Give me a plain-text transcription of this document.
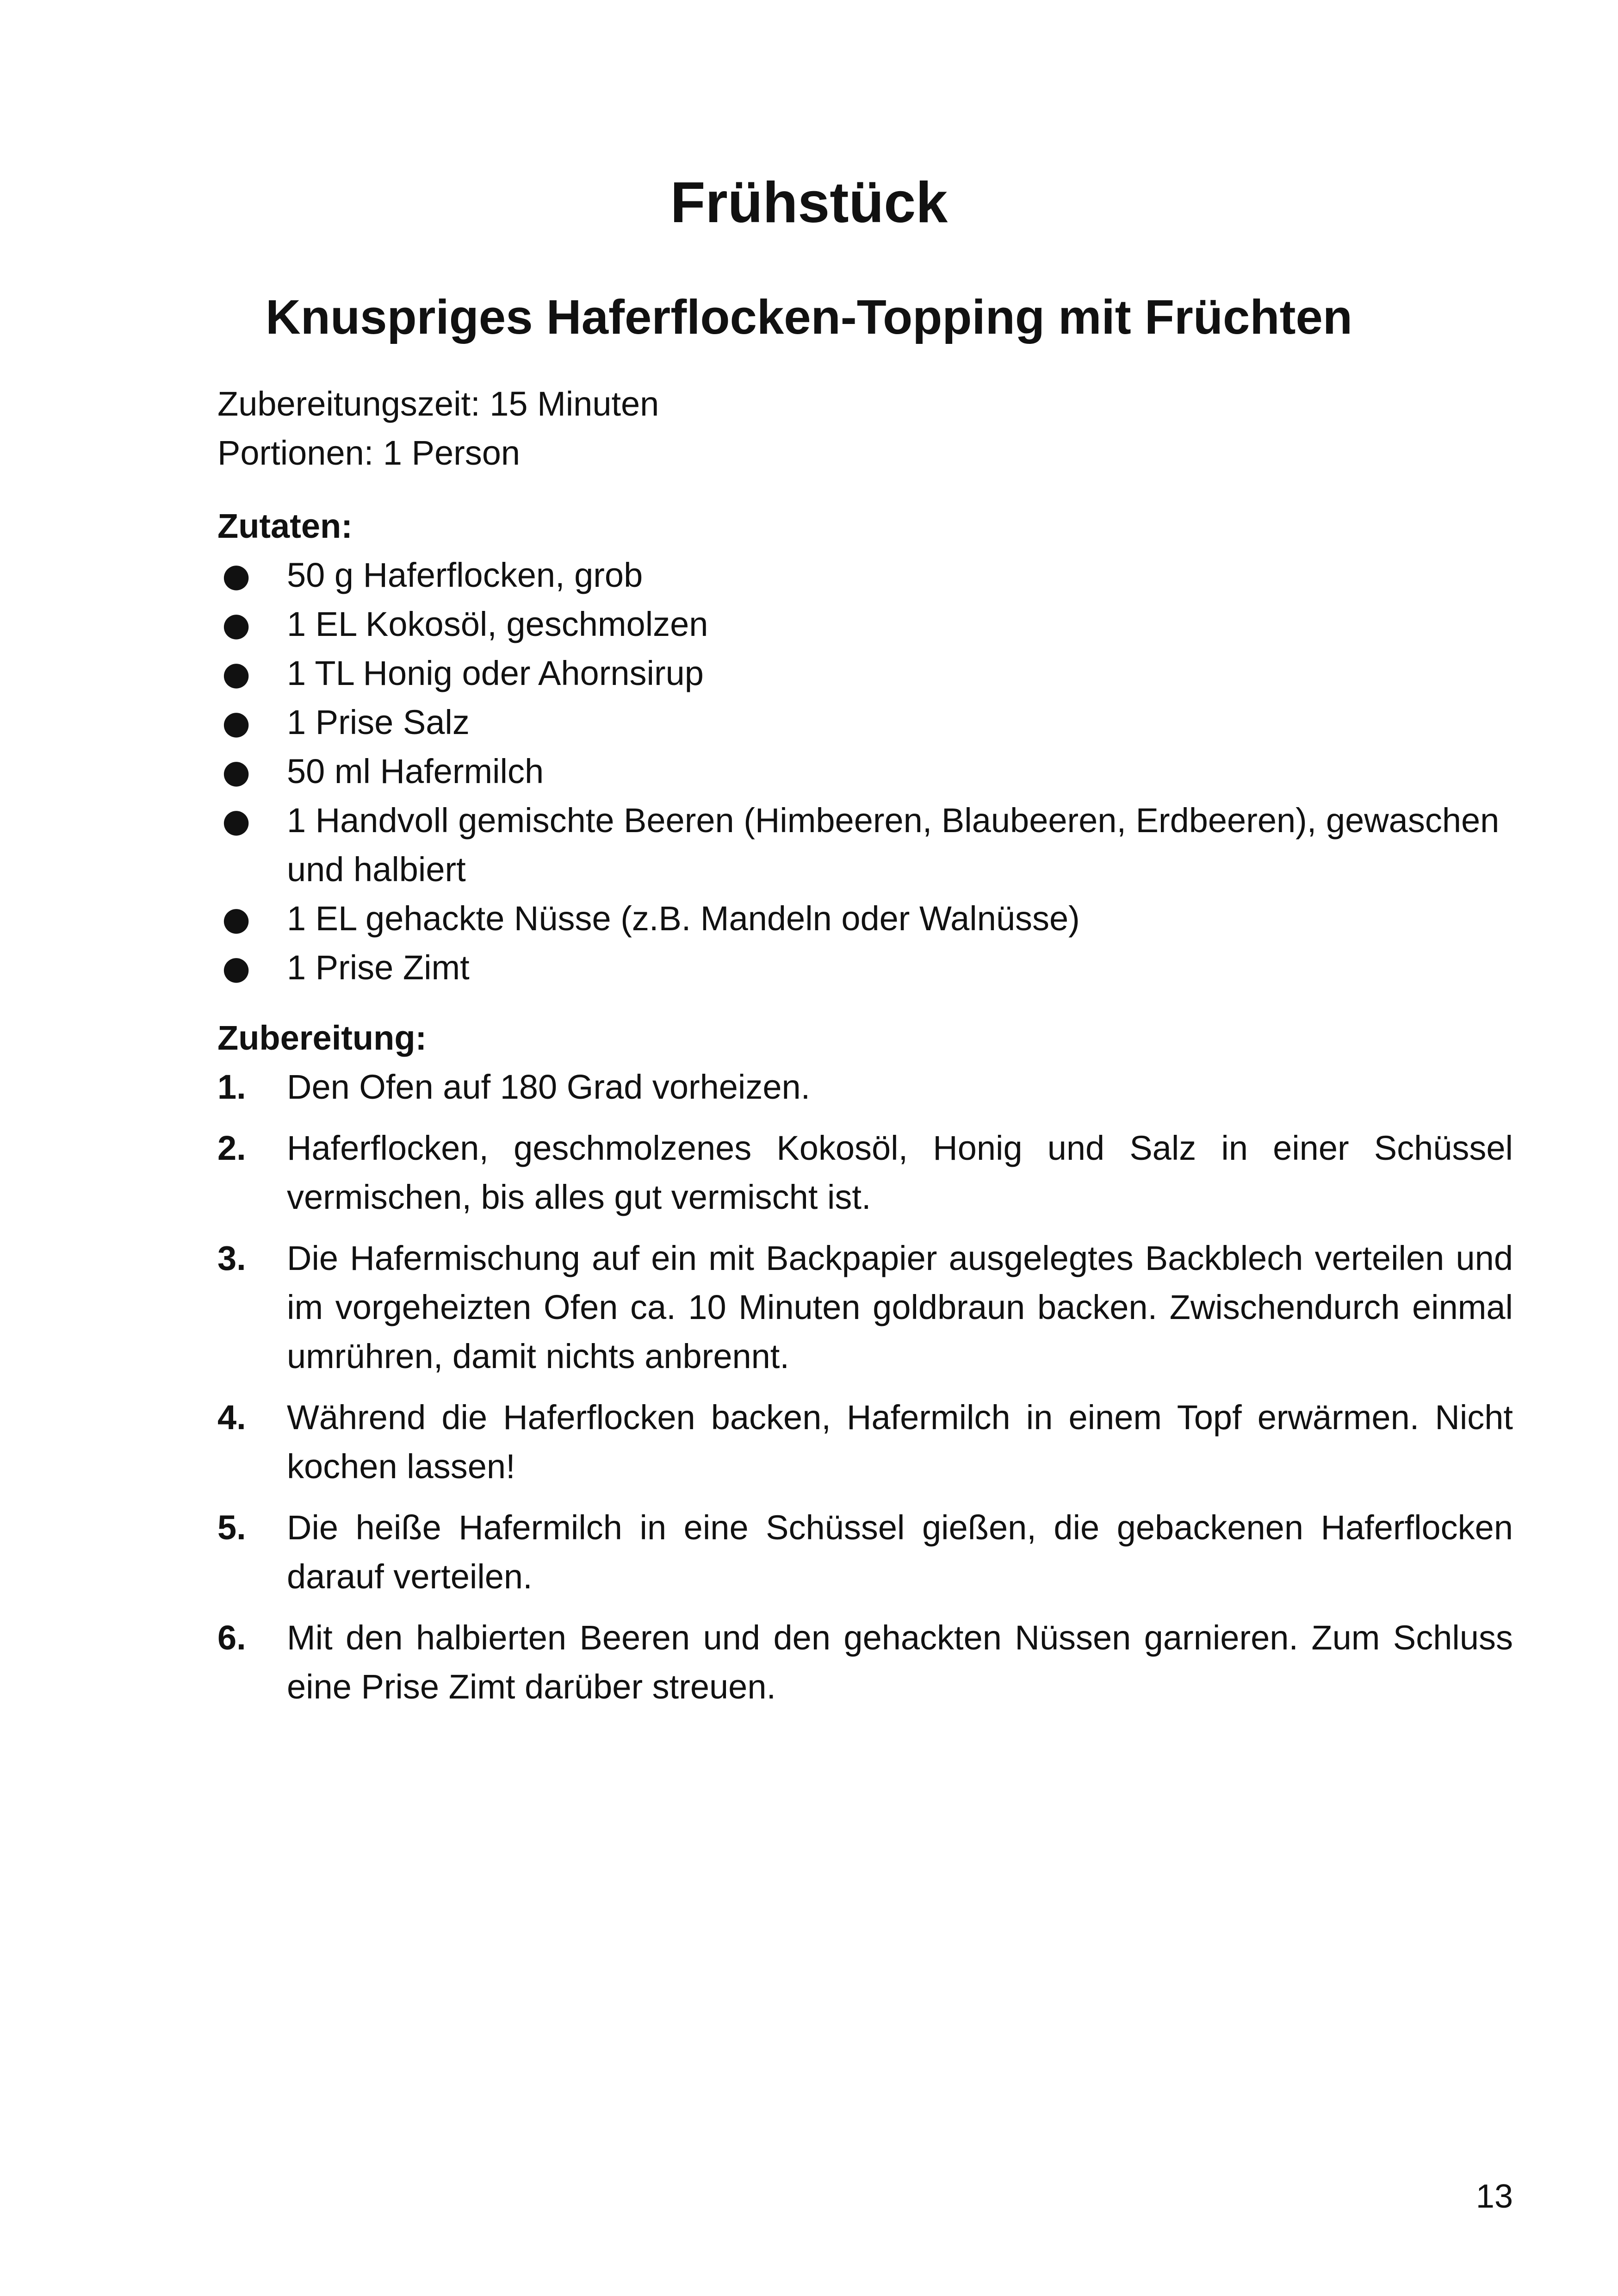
Frühstück
Knuspriges Haferflocken-Topping mit Früchten

Zubereitungszeit: 15 Minuten

Portionen: 1 Person

Zutaten:

● 50 g Haferflocken, grob
● 1 EL Kokosöl, geschmolzen
● 1 TL Honig oder Ahornsirup
● 1 Prise Salz
● 50 ml Hafermilch
● 1 Handvoll gemischte Beeren (Himbeeren, Blaubeeren, Erdbeeren), gewaschen und halbiert
● 1 EL gehackte Nüsse (z.B. Mandeln oder Walnüsse)
● 1 Prise Zimt

Zubereitung:

1. Den Ofen auf 180 Grad vorheizen.
2. Haferflocken, geschmolzenes Kokosöl, Honig und Salz in einer Schüssel vermischen, bis alles gut vermischt ist.
3. Die Hafermischung auf ein mit Backpapier ausgelegtes Backblech verteilen und im vorgeheizten Ofen ca. 10 Minuten goldbraun backen. Zwischendurch einmal umrühren, damit nichts anbrennt.
4. Während die Haferflocken backen, Hafermilch in einem Topf erwärmen. Nicht kochen lassen!
5. Die heiße Hafermilch in eine Schüssel gießen, die gebackenen Haferflocken darauf verteilen.
6. Mit den halbierten Beeren und den gehackten Nüssen garnieren. Zum Schluss eine Prise Zimt darüber streuen.
13
